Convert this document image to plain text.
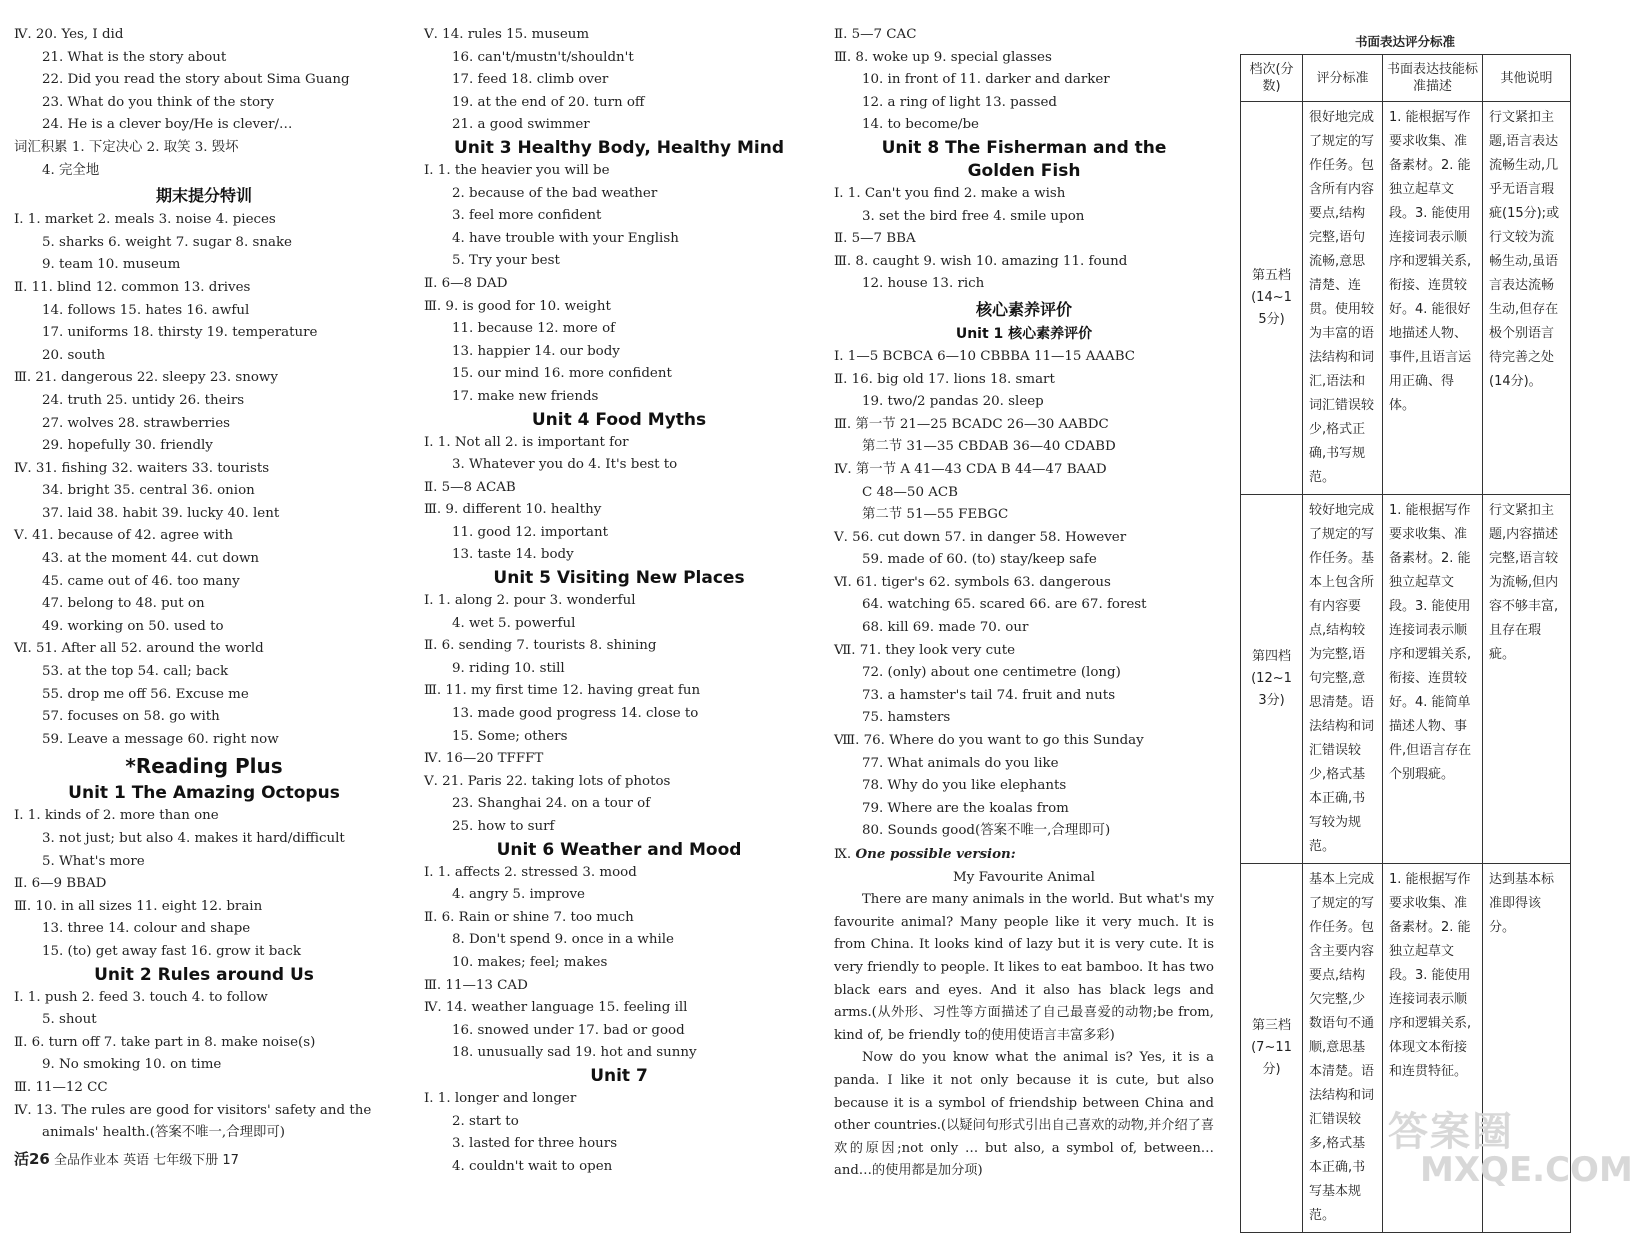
Ⅳ. 20. Yes, I did
21. What is the story about
22. Did you read the story about Sima Guang
23. What do you think of the story
24. He is a clever boy/He is clever/…
词汇积累 1. 下定决心 2. 取笑 3. 毁坏
4. 完全地
期末提分特训
Ⅰ. 1. market 2. meals 3. noise 4. pieces
5. sharks 6. weight 7. sugar 8. snake
9. team 10. museum
Ⅱ. 11. blind 12. common 13. drives
14. follows 15. hates 16. awful
17. uniforms 18. thirsty 19. temperature
20. south
Ⅲ. 21. dangerous 22. sleepy 23. snowy
24. truth 25. untidy 26. theirs
27. wolves 28. strawberries
29. hopefully 30. friendly
Ⅳ. 31. fishing 32. waiters 33. tourists
34. bright 35. central 36. onion
37. laid 38. habit 39. lucky 40. lent
Ⅴ. 41. because of 42. agree with
43. at the moment 44. cut down
45. came out of 46. too many
47. belong to 48. put on
49. working on 50. used to
Ⅵ. 51. After all 52. around the world
53. at the top 54. call; back
55. drop me off 56. Excuse me
57. focuses on 58. go with
59. Leave a message 60. right now
*Reading Plus
Unit 1 The Amazing Octopus
Ⅰ. 1. kinds of 2. more than one
3. not just; but also 4. makes it hard/difficult
5. What's more
Ⅱ. 6—9 BBAD
Ⅲ. 10. in all sizes 11. eight 12. brain
13. three 14. colour and shape
15. (to) get away fast 16. grow it back
Unit 2 Rules around Us
Ⅰ. 1. push 2. feed 3. touch 4. to follow
5. shout
Ⅱ. 6. turn off 7. take part in 8. make noise(s)
9. No smoking 10. on time
Ⅲ. 11—12 CC
Ⅳ. 13. The rules are good for visitors' safety and the
animals' health.(答案不唯一,合理即可)
Ⅴ. 14. rules 15. museum
16. can't/mustn't/shouldn't
17. feed 18. climb over
19. at the end of 20. turn off
21. a good swimmer
Unit 3 Healthy Body, Healthy Mind
Ⅰ. 1. the heavier you will be
2. because of the bad weather
3. feel more confident
4. have trouble with your English
5. Try your best
Ⅱ. 6—8 DAD
Ⅲ. 9. is good for 10. weight
11. because 12. more of
13. happier 14. our body
15. our mind 16. more confident
17. make new friends
Unit 4 Food Myths
Ⅰ. 1. Not all 2. is important for
3. Whatever you do 4. It's best to
Ⅱ. 5—8 ACAB
Ⅲ. 9. different 10. healthy
11. good 12. important
13. taste 14. body
Unit 5 Visiting New Places
Ⅰ. 1. along 2. pour 3. wonderful
4. wet 5. powerful
Ⅱ. 6. sending 7. tourists 8. shining
9. riding 10. still
Ⅲ. 11. my first time 12. having great fun
13. made good progress 14. close to
15. Some; others
Ⅳ. 16—20 TFFFT
Ⅴ. 21. Paris 22. taking lots of photos
23. Shanghai 24. on a tour of
25. how to surf
Unit 6 Weather and Mood
Ⅰ. 1. affects 2. stressed 3. mood
4. angry 5. improve
Ⅱ. 6. Rain or shine 7. too much
8. Don't spend 9. once in a while
10. makes; feel; makes
Ⅲ. 11—13 CAD
Ⅳ. 14. weather language 15. feeling ill
16. snowed under 17. bad or good
18. unusually sad 19. hot and sunny
Unit 7
Ⅰ. 1. longer and longer
2. start to
3. lasted for three hours
4. couldn't wait to open
Ⅱ. 5—7 CAC
Ⅲ. 8. woke up 9. special glasses
10. in front of 11. darker and darker
12. a ring of light 13. passed
14. to become/be
Unit 8 The Fisherman and the
Golden Fish
Ⅰ. 1. Can't you find 2. make a wish
3. set the bird free 4. smile upon
Ⅱ. 5—7 BBA
Ⅲ. 8. caught 9. wish 10. amazing 11. found
12. house 13. rich
核心素养评价
Unit 1 核心素养评价
Ⅰ. 1—5 BCBCA 6—10 CBBBA 11—15 AAABC
Ⅱ. 16. big old 17. lions 18. smart
19. two/2 pandas 20. sleep
Ⅲ. 第一节 21—25 BCADC 26—30 AABDC
第二节 31—35 CBDAB 36—40 CDABD
Ⅳ. 第一节 A 41—43 CDA B 44—47 BAAD
C 48—50 ACB
第二节 51—55 FEBGC
Ⅴ. 56. cut down 57. in danger 58. However
59. made of 60. (to) stay/keep safe
Ⅵ. 61. tiger's 62. symbols 63. dangerous
64. watching 65. scared 66. are 67. forest
68. kill 69. made 70. our
Ⅶ. 71. they look very cute
72. (only) about one centimetre (long)
73. a hamster's tail 74. fruit and nuts
75. hamsters
Ⅷ. 76. Where do you want to go this Sunday
77. What animals do you like
78. Why do you like elephants
79. Where are the koalas from
80. Sounds good(答案不唯一,合理即可)
Ⅸ. One possible version:
My Favourite Animal
There are many animals in the world. But what's my favourite animal? Many people like it very much. It is from China. It looks kind of lazy but it is very cute. It is very friendly to people. It likes to eat bamboo. It has two black ears and eyes. And it also has black legs and arms.(从外形、习性等方面描述了自己最喜爱的动物;be from, kind of, be friendly to的使用使语言丰富多彩)
Now do you know what the animal is? Yes, it is a panda. I like it not only because it is cute, but also because it is a symbol of friendship between China and other countries.(以疑问句形式引出自己喜欢的动物,并介绍了喜欢的原因;not only … but also, a symbol of, between…and…的使用都是加分项)
书面表达评分标准
档次(分数)	评分标准	书面表达技能标准描述	其他说明
第五档(14~15分)	很好地完成了规定的写作任务。包含所有内容要点,结构完整,语句流畅,意思清楚、连贯。使用较为丰富的语法结构和词汇,语法和词汇错误较少,格式正确,书写规范。	1. 能根据写作要求收集、准备素材。2. 能独立起草文段。3. 能使用连接词表示顺序和逻辑关系,衔接、连贯较好。4. 能很好地描述人物、事件,且语言运用正确、得体。	行文紧扣主题,语言表达流畅生动,几乎无语言瑕疵(15分);或行文较为流畅生动,虽语言表达流畅生动,但存在极个别语言待完善之处(14分)。
第四档(12~13分)	较好地完成了规定的写作任务。基本上包含所有内容要点,结构较为完整,语句完整,意思清楚。语法结构和词汇错误较少,格式基本正确,书写较为规范。	1. 能根据写作要求收集、准备素材。2. 能独立起草文段。3. 能使用连接词表示顺序和逻辑关系,衔接、连贯较好。4. 能简单描述人物、事件,但语言存在个别瑕疵。	行文紧扣主题,内容描述完整,语言较为流畅,但内容不够丰富,且存在瑕疵。
第三档(7~11分)	基本上完成了规定的写作任务。包含主要内容要点,结构欠完整,少数语句不通顺,意思基本清楚。语法结构和词汇错误较多,格式基本正确,书写基本规范。	1. 能根据写作要求收集、准备素材。2. 能独立起草文段。3. 能使用连接词表示顺序和逻辑关系,体现文本衔接和连贯特征。	达到基本标准即得该分。
活26 全品作业本 英语 七年级下册 17
答案圈
MXQE.COM
